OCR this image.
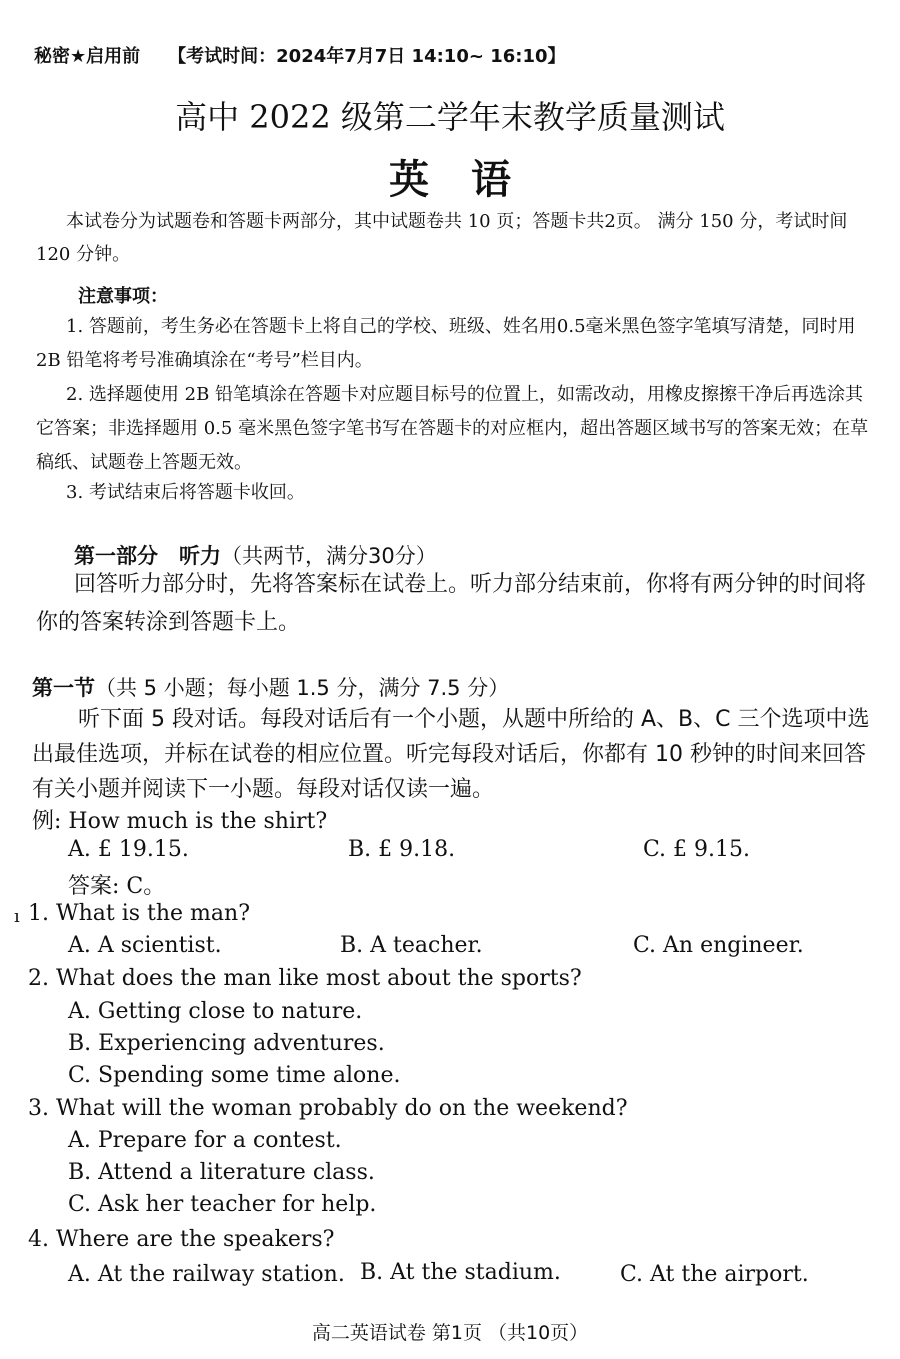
秘密★启用前 【考试时间：2024年7月7日 14:10~ 16:10】
高中 2022 级第二学年末教学质量测试
英语
本试卷分为试题卷和答题卡两部分，其中试题卷共 10 页；答题卡共2页。 满分 150 分，考试时间120 分钟。
注意事项：
1. 答题前，考生务必在答题卡上将自己的学校、班级、姓名用0.5毫米黑色签字笔填写清楚，同时用2B 铅笔将考号准确填涂在“考号”栏目内。
2. 选择题使用 2B 铅笔填涂在答题卡对应题目标号的位置上，如需改动，用橡皮擦擦干净后再选涂其它答案；非选择题用 0.5 毫米黑色签字笔书写在答题卡的对应框内，超出答题区域书写的答案无效；在草稿纸、试题卷上答题无效。
3. 考试结束后将答题卡收回。
第一部分　听力（共两节，满分30分）
回答听力部分时，先将答案标在试卷上。听力部分结束前，你将有两分钟的时间将你的答案转涂到答题卡上。
第一节（共 5 小题；每小题 1.5 分，满分 7.5 分）
听下面 5 段对话。每段对话后有一个小题，从题中所给的 A、B、C 三个选项中选出最佳选项，并标在试卷的相应位置。听完每段对话后，你都有 10 秒钟的时间来回答有关小题并阅读下一小题。每段对话仅读一遍。
例: How much is the shirt?
A. £ 19.15.	B. £ 9.18.	C. £ 9.15.
答案: C。
ı 1. What is the man?
A. A scientist.	B. A teacher.	C. An engineer.
2. What does the man like most about the sports?
A. Getting close to nature.
B. Experiencing adventures.
C. Spending some time alone.
3. What will the woman probably do on the weekend?
A. Prepare for a contest.
B. Attend a literature class.
C. Ask her teacher for help.
4. Where are the speakers?
A. At the railway station. B. At the stadium.	C. At the airport.
高二英语试卷 第1页 （共10页）
